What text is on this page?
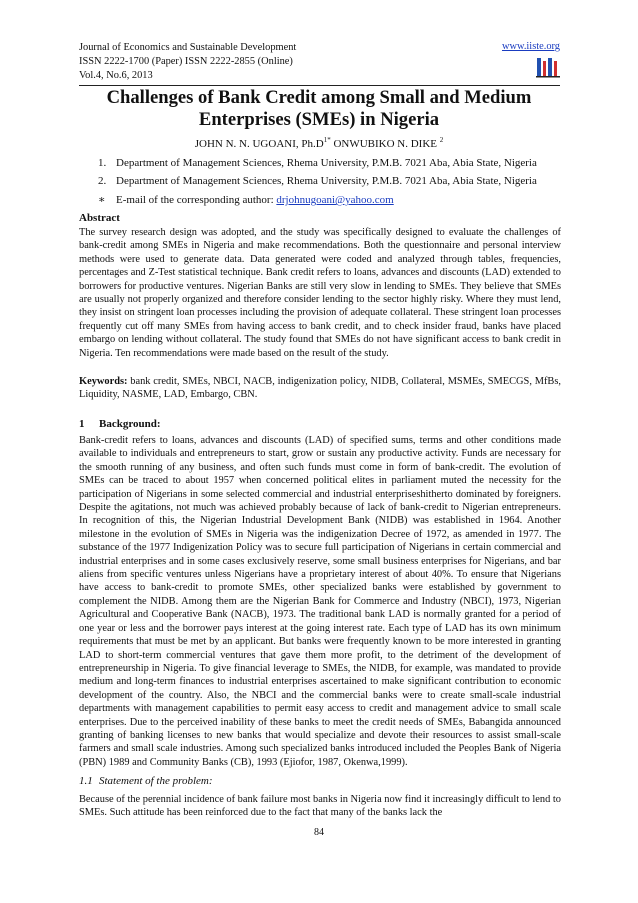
Journal of Economics and Sustainable Development
ISSN 2222-1700 (Paper) ISSN 2222-2855 (Online)
Vol.4, No.6, 2013
www.iiste.org
Challenges of Bank Credit among Small and Medium Enterprises (SMEs) in Nigeria
JOHN N. N. UGOANI, $Ph.D^{1*}$ ONWUBIKO N. DIKE $^2$
1. Department of Management Sciences, Rhema University, P.M.B. 7021 Aba, Abia State, Nigeria
2. Department of Management Sciences, Rhema University, P.M.B. 7021 Aba, Abia State, Nigeria
∗ E-mail of the corresponding author: drjohnugoani@yahoo.com
Abstract

The survey research design was adopted, and the study was specifically designed to evaluate the challenges of bank-credit among SMEs in Nigeria and make recommendations. Both the questionnaire and personal interview methods were used to generate data. Data generated were coded and analyzed through tables, frequencies, percentages and Z-Test statistical technique. Bank credit refers to loans, advances and discounts (LAD) extended to borrowers for productive ventures. Nigerian Banks are still very slow in lending to SMEs. They believe that SMEs are usually not properly organized and therefore consider lending to the sector highly risky. Where they must lend, they insist on stringent loan processes including the provision of adequate collateral. These stringent loan processes frequently cut off many SMEs from having access to bank credit, and to check insider fraud, banks have placed embargo on lending without collateral. The study found that SMEs do not have significant access to bank credit in Nigeria. Ten recommendations were made based on the result of the study.

Keywords: bank credit, SMEs, NBCI, NACB, indigenization policy, NIDB, Collateral, MSMEs, SMECGS, MfBs, Liquidity, NASME, LAD, Embargo, CBN.

1 Background:

Bank-credit refers to loans, advances and discounts (LAD) of specified sums, terms and other conditions made available to individuals and entrepreneurs to start, grow or sustain any productive activity. Funds are necessary for the smooth running of any business, and often such funds must come in form of bank-credit. The evolution of SMEs can be traced to about 1957 when concerned political elites in parliament muted the necessity for the participation of Nigerians in some selected commercial and industrial enterpriseshitherto dominated by foreigners. Despite the agitations, not much was achieved probably because of lack of bank-credit to Nigerian entrepreneurs. In recognition of this, the Nigerian Industrial Development Bank (NIDB) was established in 1964. Another milestone in the evolution of SMEs in Nigeria was the indigenization Decree of 1972, as amended in 1977. The substance of the 1977 Indigenization Policy was to secure full participation of Nigerians in certain commercial and industrial enterprises and in some cases exclusively reserve, some small business enterprises for Nigerians, and bar aliens from specific ventures unless Nigerians have a proprietary interest of about 40%. To ensure that Nigerians have access to bank-credit to promote SMEs, other specialized banks were established by government to complement the NIDB. Among them are the Nigerian Bank for Commerce and Industry (NBCI), 1973, Nigerian Agricultural and Cooperative Bank (NACB), 1973. The traditional bank LAD is normally granted for a period of one year or less and the borrower pays interest at the going interest rate. Each type of LAD has its own minimum requirements that must be met by an applicant. But banks were frequently known to be more interested in granting LAD to short-term commercial ventures that gave them more profit, to the detriment of the development of entrepreneurship in Nigeria. To give financial leverage to SMEs, the NIDB, for example, was mandated to provide medium and long-term finances to industrial enterprises ascertained to make significant contribution to economic development of the country. Also, the NBCI and the commercial banks were to create small-scale industrial departments with management capabilities to permit easy access to credit and management advice to small scale enterprises. Due to the perceived inability of these banks to meet the credit needs of SMEs, Babangida announced granting of banking licenses to new banks that would specialize and devote their resources to assist small-scale farmers and small scale industries. Among such specialized banks introduced included the Peoples Bank of Nigeria (PBN) 1989 and Community Banks (CB), 1993 (Ejiofor, 1987, Okenwa,1999).

1.1 Statement of the problem:

Because of the perennial incidence of bank failure most banks in Nigeria now find it increasingly difficult to lend to SMEs. Such attitude has been reinforced due to the fact that many of the banks lack the

84
